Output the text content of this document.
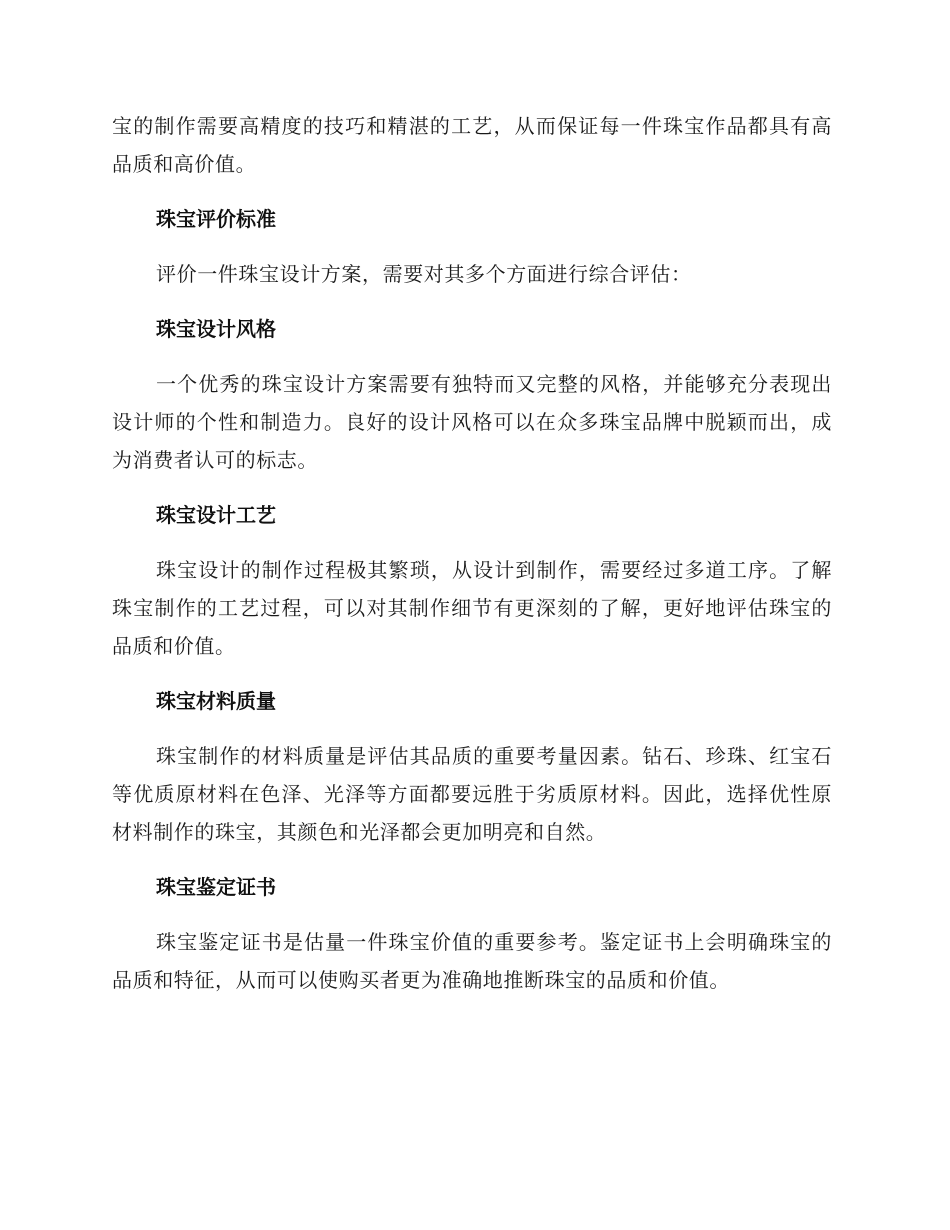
宝的制作需要高精度的技巧和精湛的工艺，从而保证每一件珠宝作品都具有高品质和高价值。

珠宝评价标准

评价一件珠宝设计方案，需要对其多个方面进行综合评估：

珠宝设计风格

一个优秀的珠宝设计方案需要有独特而又完整的风格，并能够充分表现出设计师的个性和制造力。良好的设计风格可以在众多珠宝品牌中脱颖而出，成为消费者认可的标志。

珠宝设计工艺

珠宝设计的制作过程极其繁琐，从设计到制作，需要经过多道工序。了解珠宝制作的工艺过程，可以对其制作细节有更深刻的了解，更好地评估珠宝的品质和价值。

珠宝材料质量

珠宝制作的材料质量是评估其品质的重要考量因素。钻石、珍珠、红宝石等优质原材料在色泽、光泽等方面都要远胜于劣质原材料。因此，选择优性原材料制作的珠宝，其颜色和光泽都会更加明亮和自然。

珠宝鉴定证书

珠宝鉴定证书是估量一件珠宝价值的重要参考。鉴定证书上会明确珠宝的品质和特征，从而可以使购买者更为准确地推断珠宝的品质和价值。
